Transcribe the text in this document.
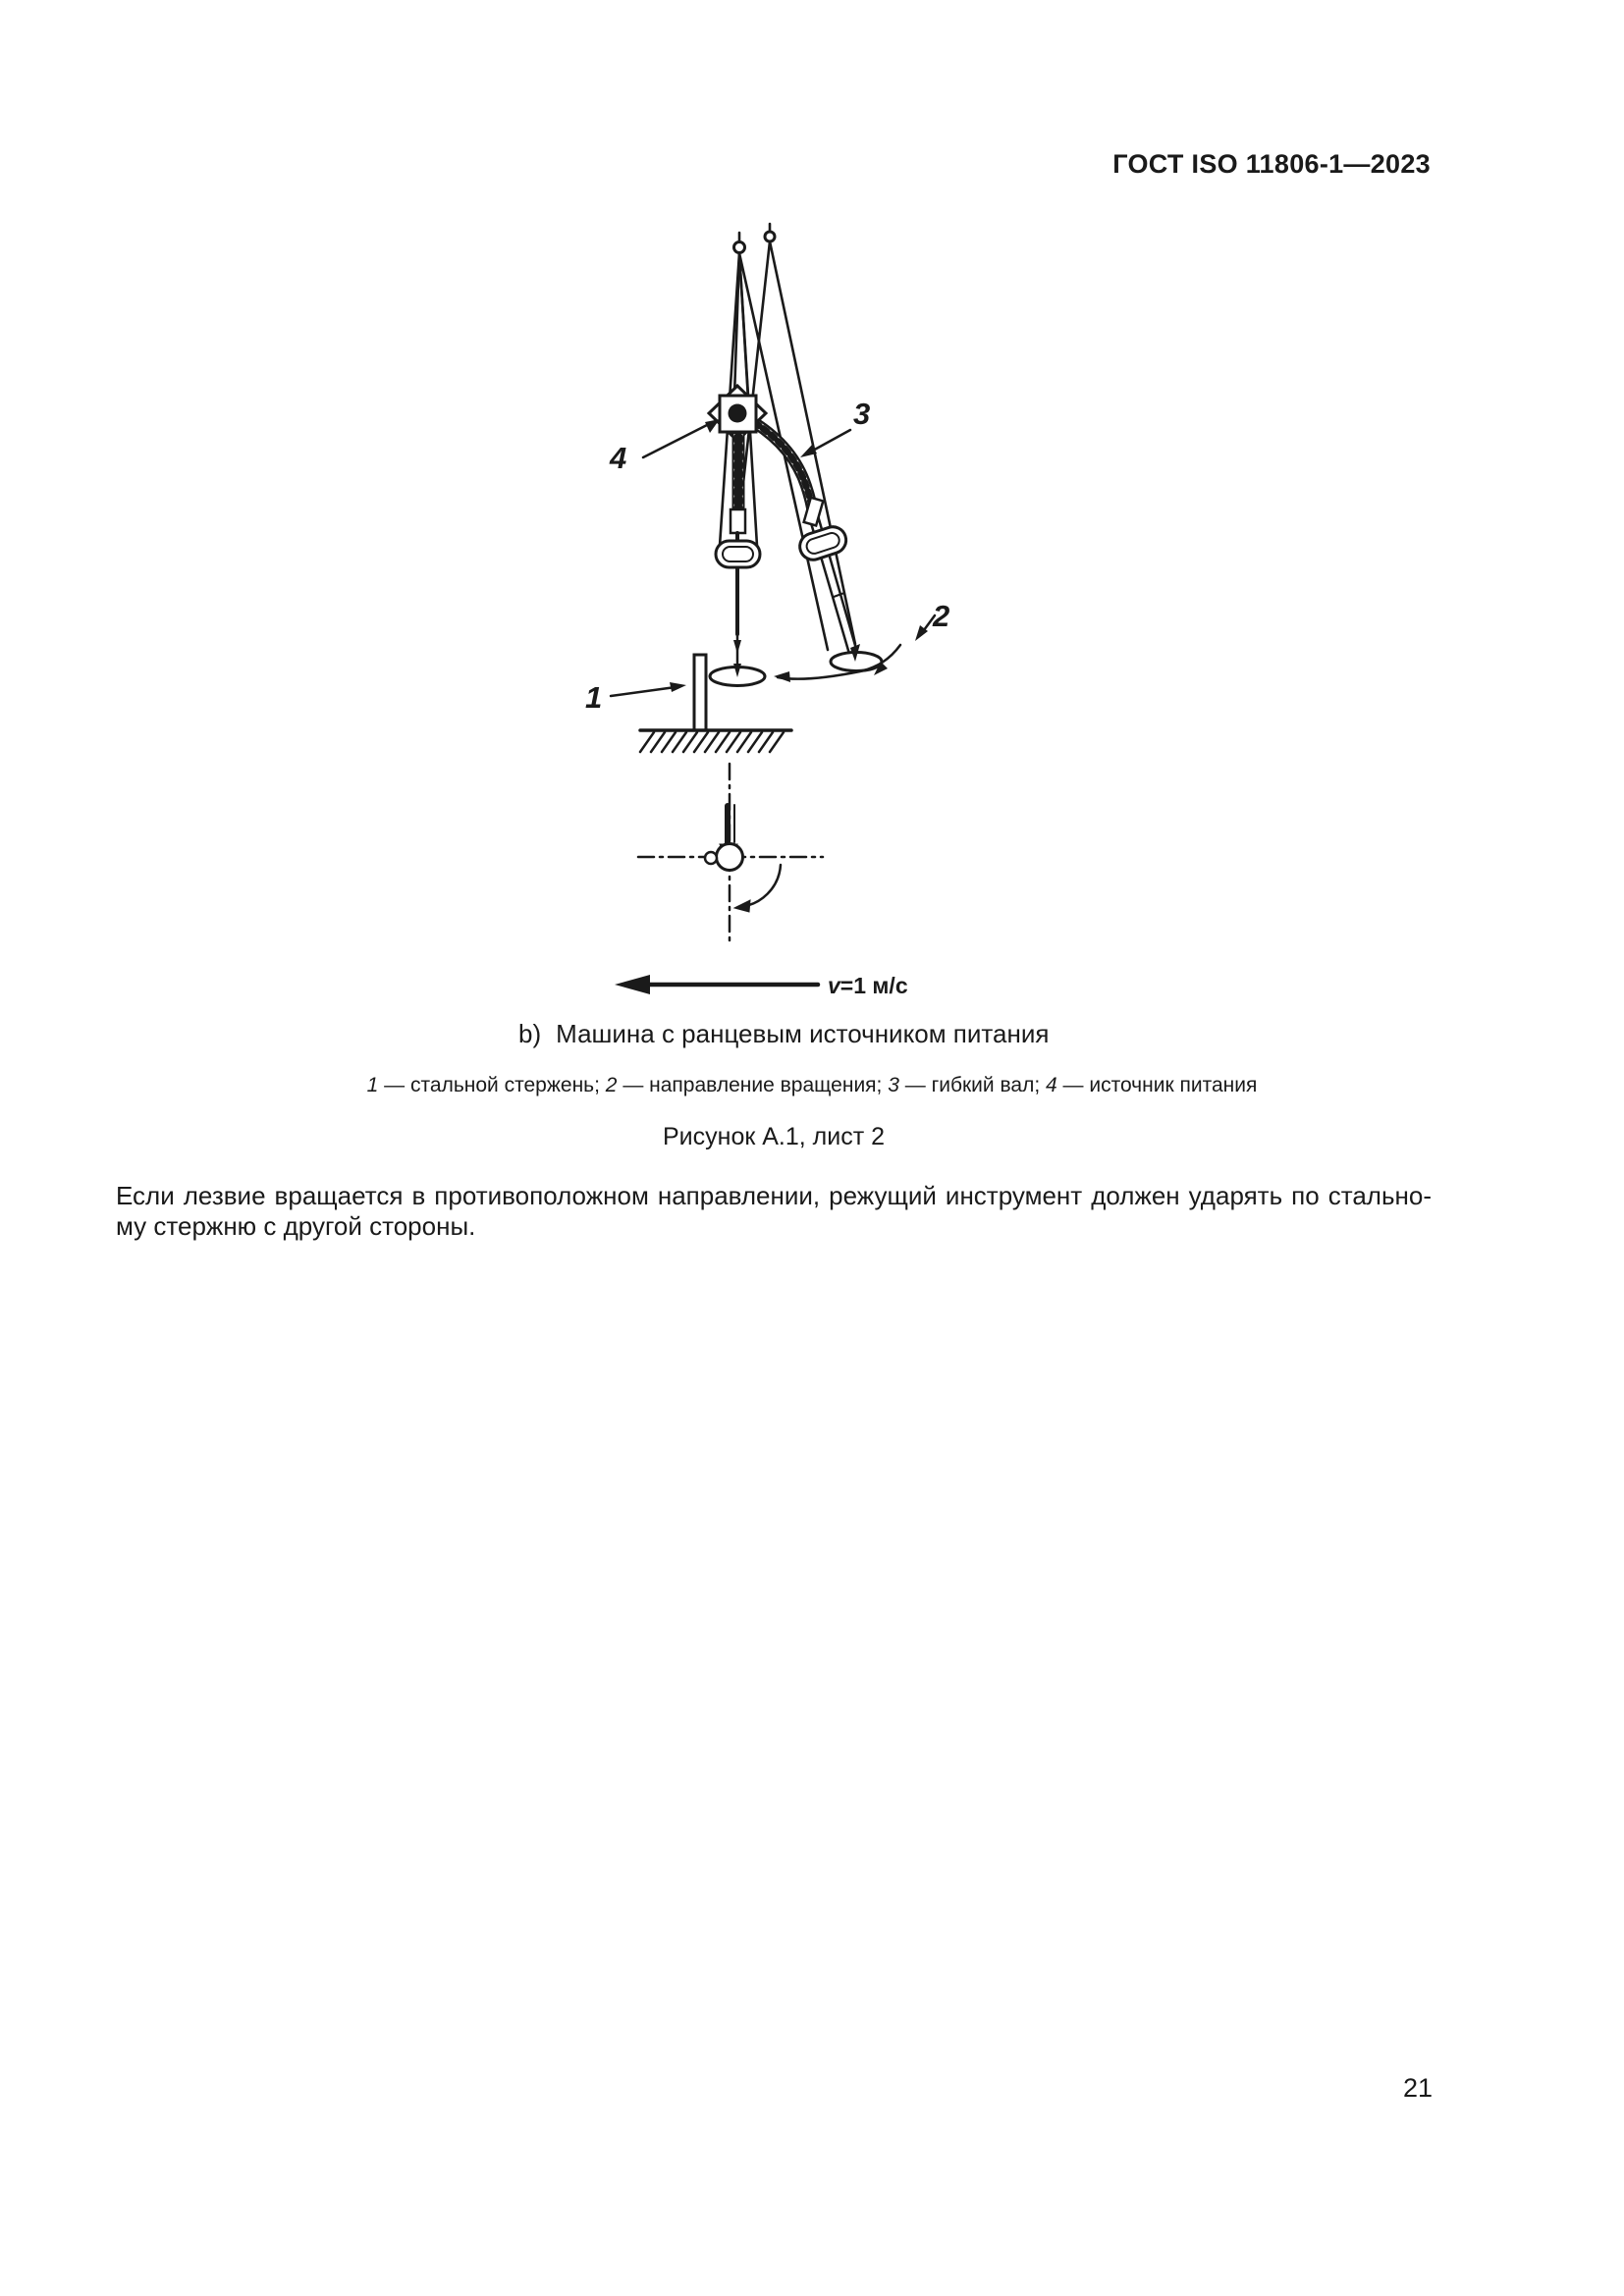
ГОСТ ISO 11806-1—2023
1
2
3
4
v=1 м/с
b) Машина с ранцевым источником питания
1 — стальной стержень; 2 — направление вращения; 3 — гибкий вал; 4 — источник питания
Рисунок А.1, лист 2
Если лезвие вращается в противоположном направлении, режущий инструмент должен ударять по стально-
му стержню с другой стороны.
21
